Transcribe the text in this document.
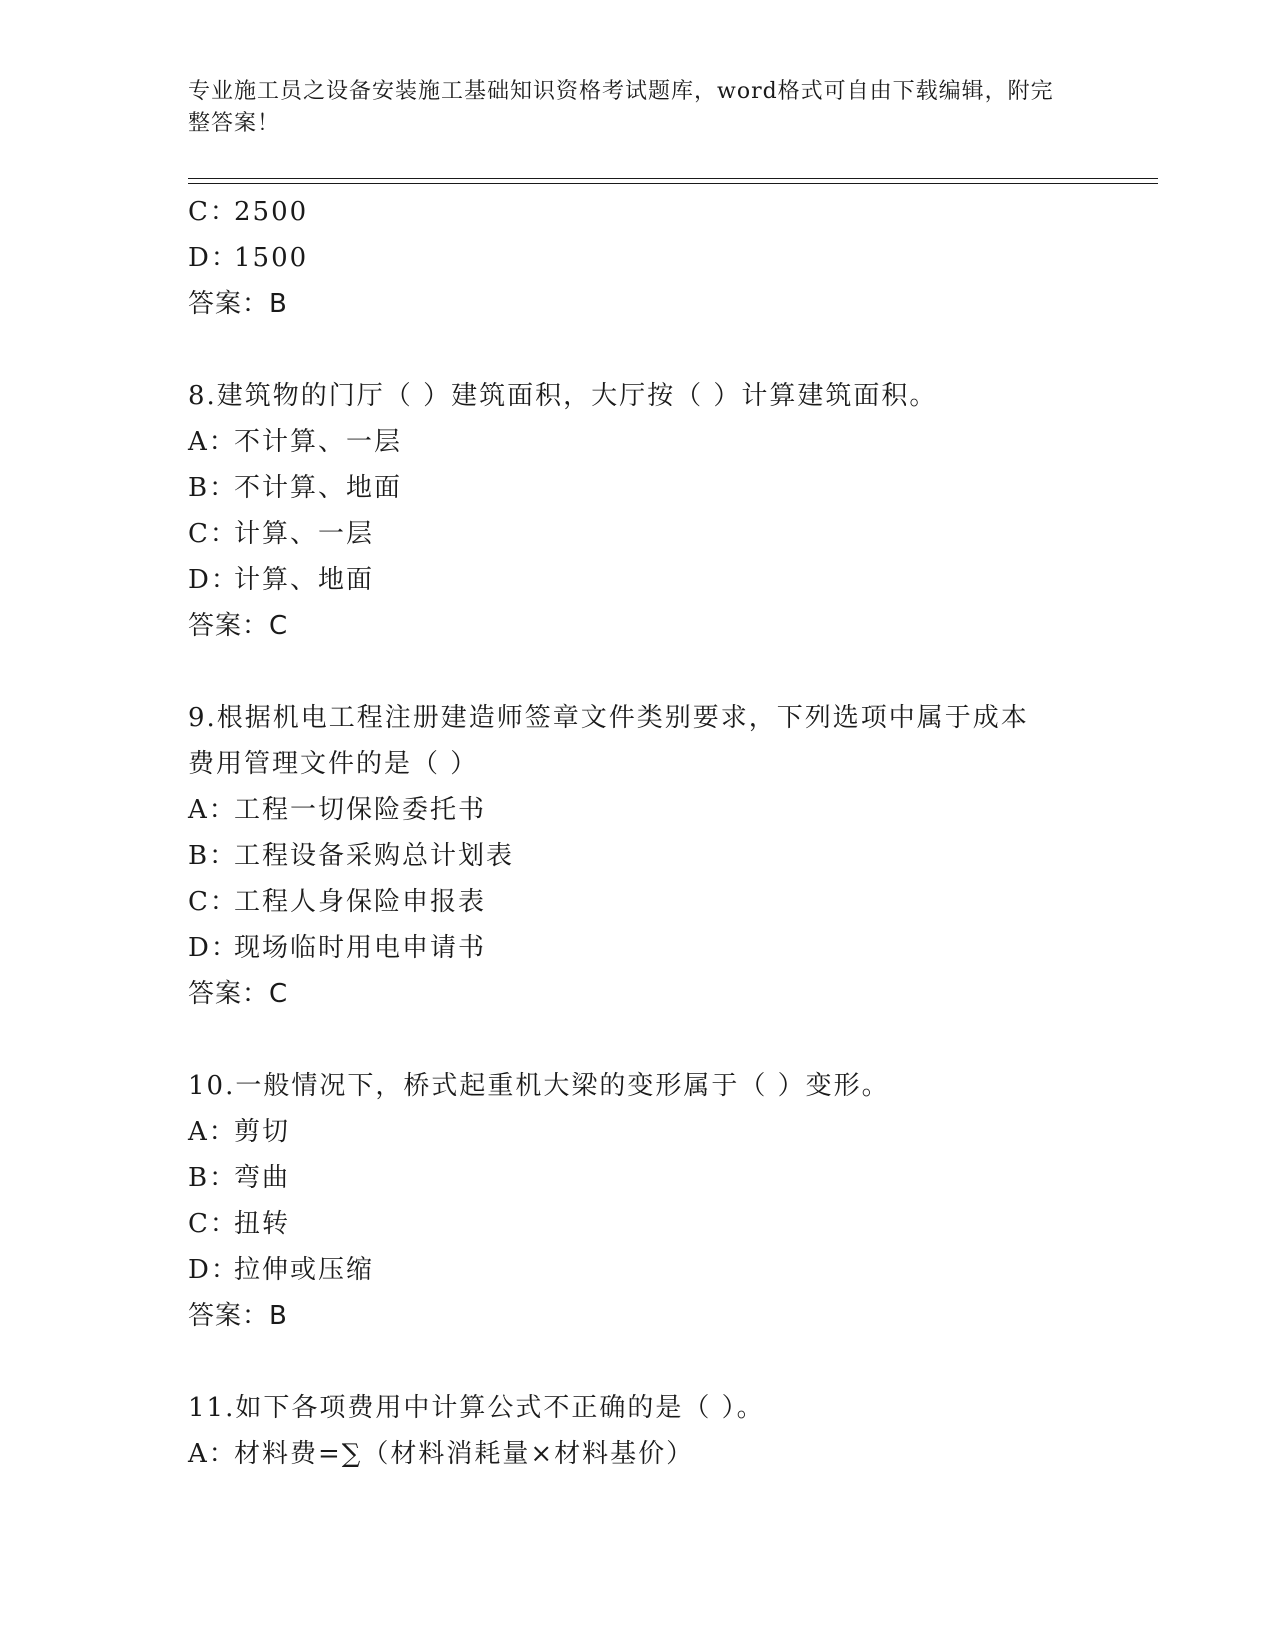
专业施工员之设备安装施工基础知识资格考试题库，word格式可自由下载编辑，附完整答案！
C：2500
D：1500
答案：B
8.建筑物的门厅（ ）建筑面积，大厅按（ ）计算建筑面积。
A：不计算、一层
B：不计算、地面
C：计算、一层
D：计算、地面
答案：C
9.根据机电工程注册建造师签章文件类别要求，下列选项中属于成本费用管理文件的是（ ）
A：工程一切保险委托书
B：工程设备采购总计划表
C：工程人身保险申报表
D：现场临时用电申请书
答案：C
10.一般情况下，桥式起重机大梁的变形属于（ ）变形。
A：剪切
B：弯曲
C：扭转
D：拉伸或压缩
答案：B
11.如下各项费用中计算公式不正确的是（ ）。
A：材料费=∑（材料消耗量×材料基价）
